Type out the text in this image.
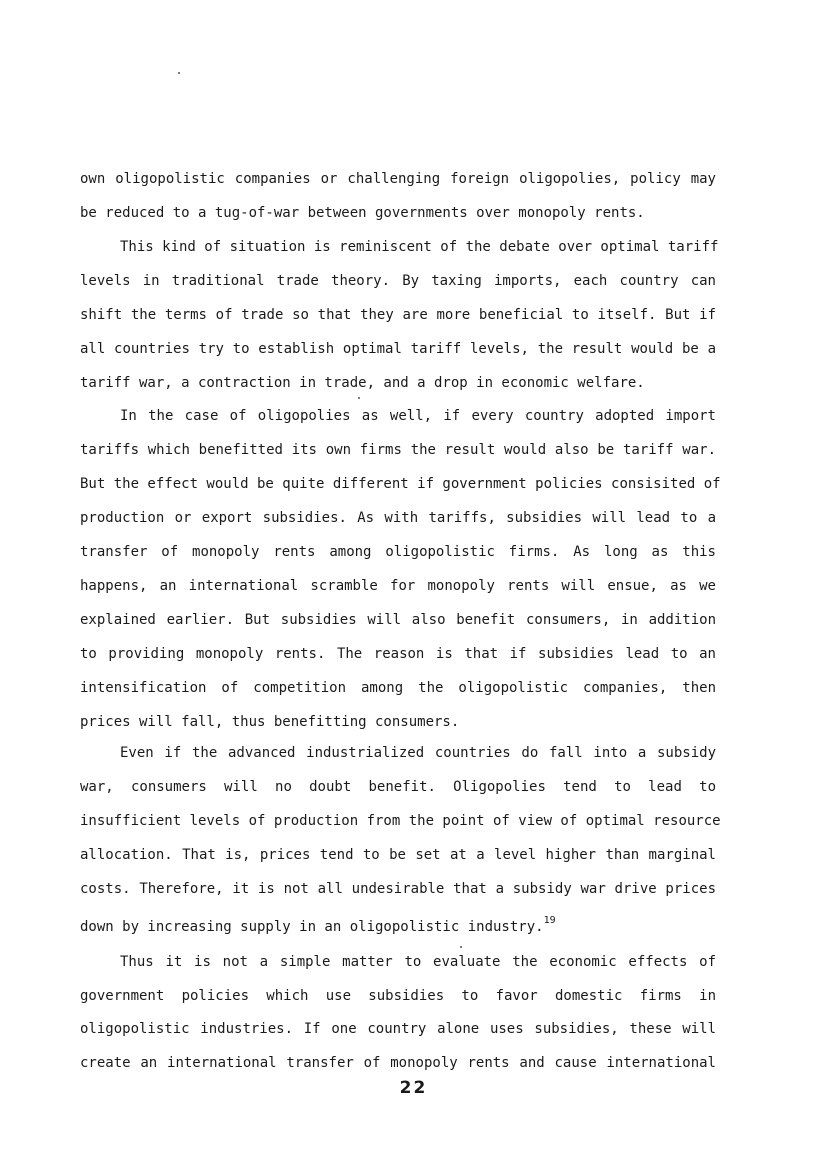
own oligopolistic companies or challenging foreign oligopolies, policy may
be reduced to a tug-of-war between governments over monopoly rents.
This kind of situation is reminiscent of the debate over optimal tariff
levels in traditional trade theory. By taxing imports, each country can
shift the terms of trade so that they are more beneficial to itself. But if
all countries try to establish optimal tariff levels, the result would be a
tariff war, a contraction in trade, and a drop in economic welfare.
In the case of oligopolies as well, if every country adopted import
tariffs which benefitted its own firms the result would also be tariff war.
But the effect would be quite different if government policies consisited of
production or export subsidies. As with tariffs, subsidies will lead to a
transfer of monopoly rents among oligopolistic firms. As long as this
happens, an international scramble for monopoly rents will ensue, as we
explained earlier. But subsidies will also benefit consumers, in addition
to providing monopoly rents. The reason is that if subsidies lead to an
intensification of competition among the oligopolistic companies, then
prices will fall, thus benefitting consumers.
Even if the advanced industrialized countries do fall into a subsidy
war, consumers will no doubt benefit. Oligopolies tend to lead to
insufficient levels of production from the point of view of optimal resource
allocation. That is, prices tend to be set at a level higher than marginal
costs. Therefore, it is not all undesirable that a subsidy war drive prices
down by increasing supply in an oligopolistic industry.$^{19}$
Thus it is not a simple matter to evaluate the economic effects of
government policies which use subsidies to favor domestic firms in
oligopolistic industries. If one country alone uses subsidies, these will
create an international transfer of monopoly rents and cause international
22
